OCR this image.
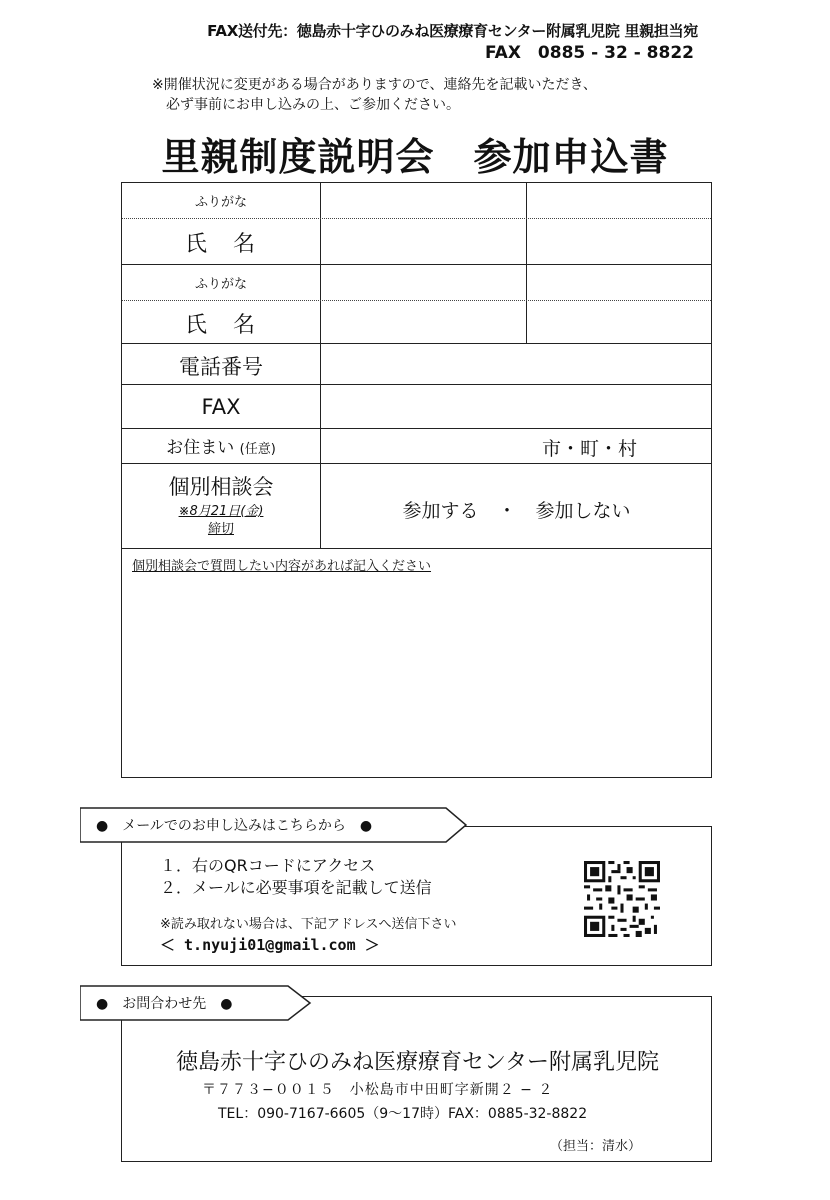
FAX送付先：徳島赤十字ひのみね医療療育センター附属乳児院 里親担当宛
FAX　0885 - 32 - 8822
※開催状況に変更がある場合がありますので、連絡先を記載いただき、
必ず事前にお申し込みの上、ご参加ください。
里親制度説明会　参加申込書
ふりがな
氏　名
ふりがな
氏　名
電話番号
FAX
お住まい (任意)	市・町・村
個別相談会
※8月21日(金)
締切
参加する　・　参加しない
個別相談会で質問したい内容があれば記入ください
１．右のQRコードにアクセス
２．メールに必要事項を記載して送信
※読み取れない場合は、下記アドレスへ送信下さい
＜ t.nyuji01@gmail.com ＞
●　メールでのお申し込みはこちらから　●
徳島赤十字ひのみね医療療育センター附属乳児院
〒７７３−００１５　小松島市中田町字新開２ − ２
TEL：090-7167-6605（9～17時）FAX：0885-32-8822
（担当：清水）
●　お問合わせ先　●
